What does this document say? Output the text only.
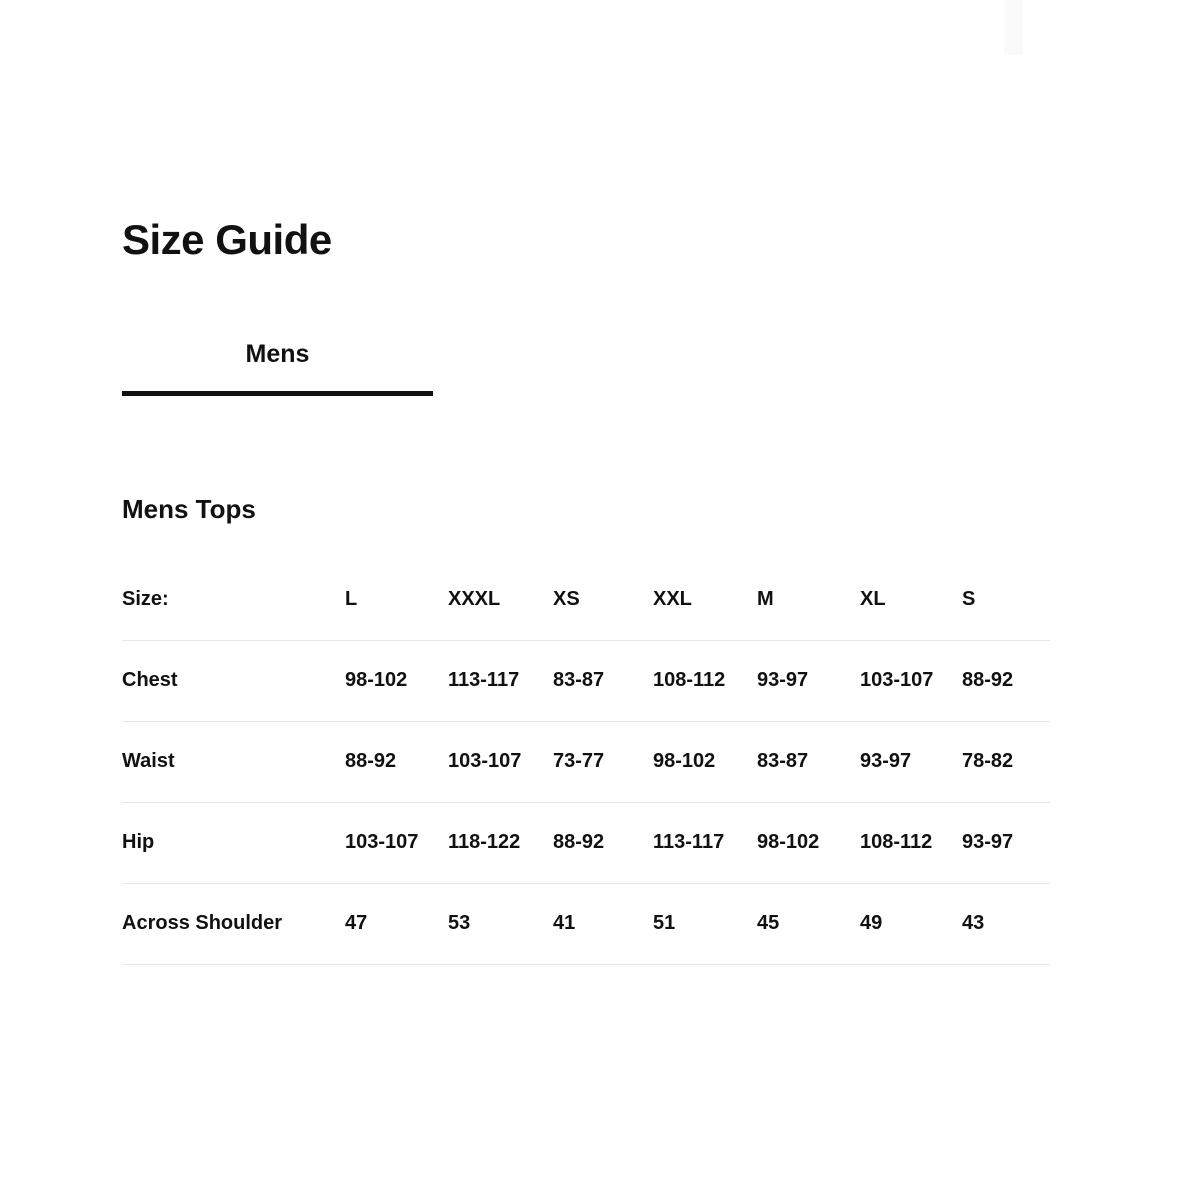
Size Guide
Mens
Mens Tops
Size:	L	XXXL	XS	XXL	M	XL	S
Chest	98-102	113-117	83-87	108-112	93-97	103-107	88-92
Waist	88-92	103-107	73-77	98-102	83-87	93-97	78-82
Hip	103-107	118-122	88-92	113-117	98-102	108-112	93-97
Across Shoulder	47	53	41	51	45	49	43
